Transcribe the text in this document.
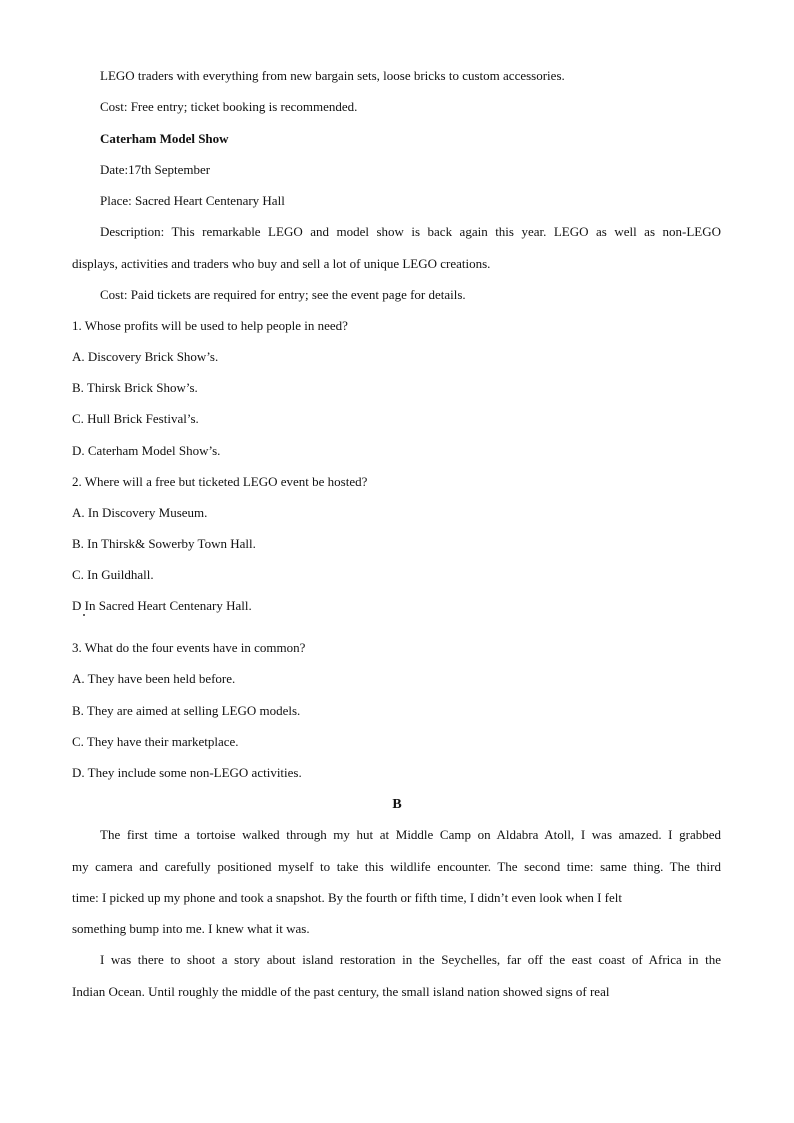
LEGO traders with everything from new bargain sets, loose bricks to custom accessories.
Cost: Free entry; ticket booking is recommended.
Caterham Model Show
Date:17th September
Place: Sacred Heart Centenary Hall
Description: This remarkable LEGO and model show is back again this year. LEGO as well as non-LEGO
displays, activities and traders who buy and sell a lot of unique LEGO creations.
Cost: Paid tickets are required for entry; see the event page for details.
1. Whose profits will be used to help people in need?
A. Discovery Brick Show’s.
B. Thirsk Brick Show’s.
C. Hull Brick Festival’s.
D. Caterham Model Show’s.
2. Where will a free but ticketed LEGO event be hosted?
A. In Discovery Museum.
B. In Thirsk& Sowerby Town Hall.
C. In Guildhall.
D In Sacred Heart Centenary Hall.
3. What do the four events have in common?
A. They have been held before.
B. They are aimed at selling LEGO models.
C. They have their marketplace.
D. They include some non-LEGO activities.
B
The first time a tortoise walked through my hut at Middle Camp on Aldabra Atoll, I was amazed. I grabbed
my camera and carefully positioned myself to take this wildlife encounter. The second time: same thing. The third
time: I picked up my phone and took a snapshot. By the fourth or fifth time, I didn’t even look when I felt
something bump into me. I knew what it was.
I was there to shoot a story about island restoration in the Seychelles, far off the east coast of Africa in the
Indian Ocean. Until roughly the middle of the past century, the small island nation showed signs of real
